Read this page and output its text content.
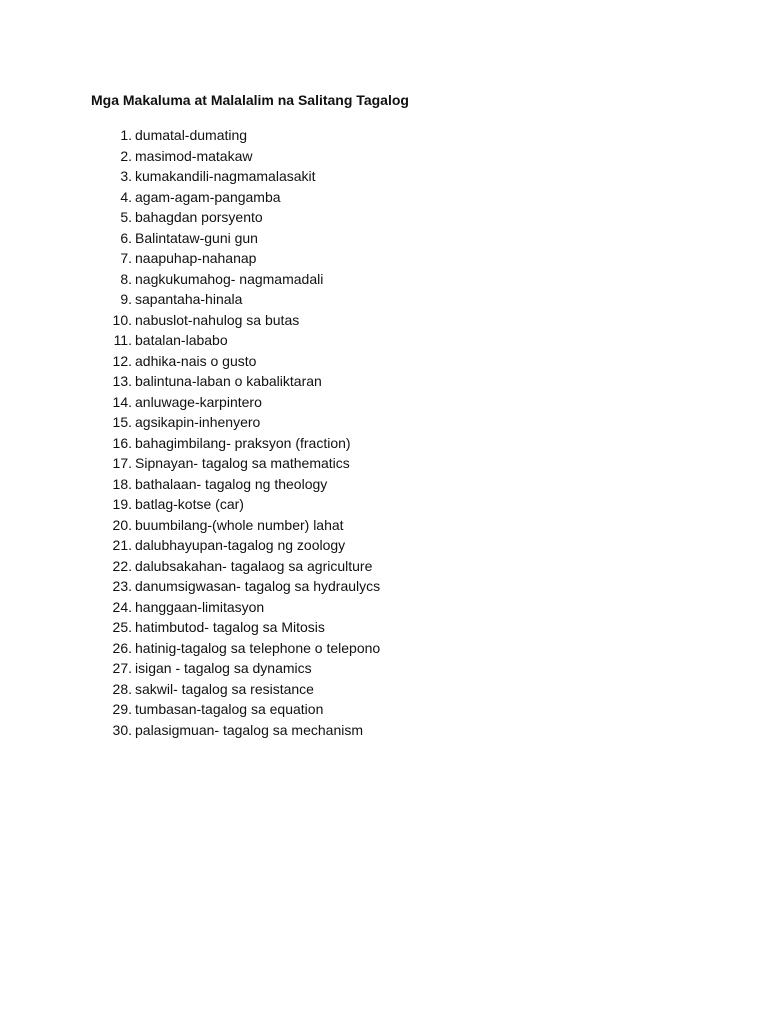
Mga Makaluma at Malalalim na Salitang Tagalog
1. dumatal-dumating
2. masimod-matakaw
3. kumakandili-nagmamalasakit
4. agam-agam-pangamba
5. bahagdan porsyento
6. Balintataw-guni gun
7. naapuhap-nahanap
8. nagkukumahog- nagmamadali
9. sapantaha-hinala
10. nabuslot-nahulog sa butas
11. batalan-lababo
12. adhika-nais o gusto
13. balintuna-laban o kabaliktaran
14. anluwage-karpintero
15. agsikapin-inhenyero
16. bahagimbilang- praksyon (fraction)
17. Sipnayan- tagalog sa mathematics
18. bathalaan- tagalog ng theology
19. batlag-kotse (car)
20. buumbilang-(whole number) lahat
21. dalubhayupan-tagalog ng zoology
22. dalubsakahan- tagalaog sa agriculture
23. danumsigwasan- tagalog sa hydraulycs
24. hanggaan-limitasyon
25. hatimbutod- tagalog sa Mitosis
26. hatinig-tagalog sa telephone o telepono
27. isigan - tagalog sa dynamics
28. sakwil- tagalog sa resistance
29. tumbasan-tagalog sa equation
30. palasigmuan- tagalog sa mechanism
